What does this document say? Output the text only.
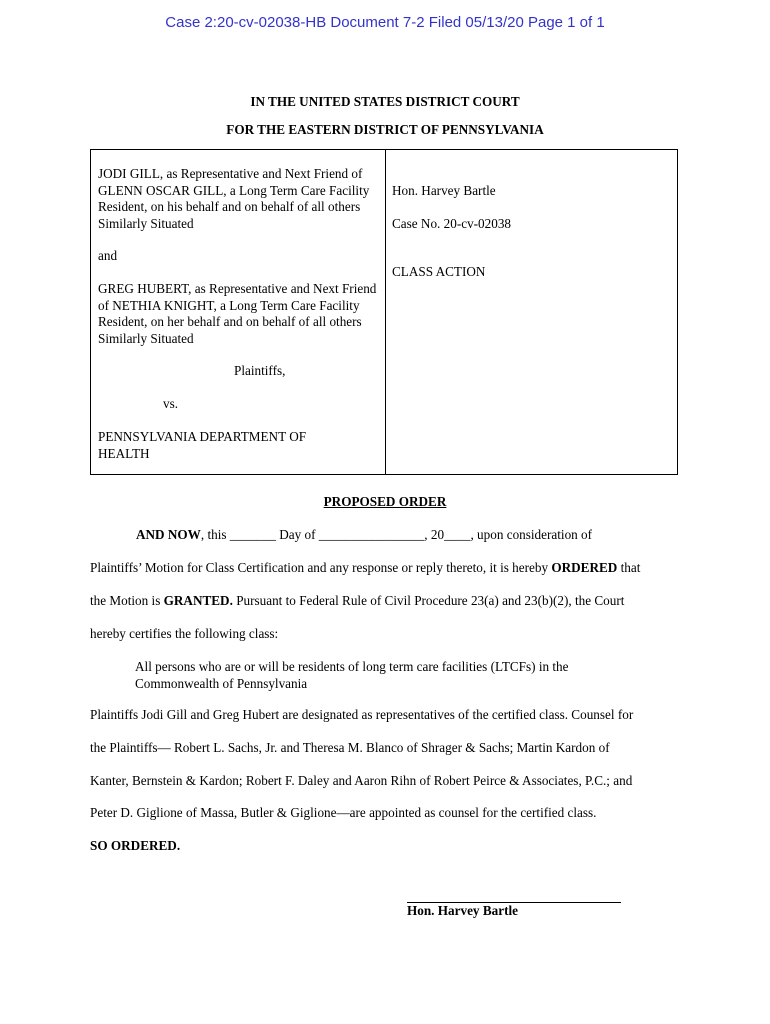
Case 2:20-cv-02038-HB Document 7-2 Filed 05/13/20 Page 1 of 1
IN THE UNITED STATES DISTRICT COURT
FOR THE EASTERN DISTRICT OF PENNSYLVANIA

JODI GILL, as Representative and Next Friend of GLENN OSCAR GILL, a Long Term Care Facility Resident, on his behalf and on behalf of all others Similarly Situated

and

GREG HUBERT, as Representative and Next Friend of NETHIA KNIGHT, a Long Term Care Facility Resident, on her behalf and on behalf of all others Similarly Situated

Plaintiffs,

vs.

PENNSYLVANIA DEPARTMENT OF HEALTH

Hon. Harvey Bartle

Case No. 20-cv-02038

CLASS ACTION

PROPOSED ORDER
AND NOW, this _______ Day of ________________, 20____, upon consideration of
Plaintiffs’ Motion for Class Certification and any response or reply thereto, it is hereby ORDERED that
the Motion is GRANTED. Pursuant to Federal Rule of Civil Procedure 23(a) and 23(b)(2), the Court
hereby certifies the following class:
All persons who are or will be residents of long term care facilities (LTCFs) in the Commonwealth of Pennsylvania
Plaintiffs Jodi Gill and Greg Hubert are designated as representatives of the certified class. Counsel for
the Plaintiffs— Robert L. Sachs, Jr. and Theresa M. Blanco of Shrager & Sachs; Martin Kardon of
Kanter, Bernstein & Kardon; Robert F. Daley and Aaron Rihn of Robert Peirce & Associates, P.C.; and
Peter D. Giglione of Massa, Butler & Giglione—are appointed as counsel for the certified class.
SO ORDERED.
Hon. Harvey Bartle
